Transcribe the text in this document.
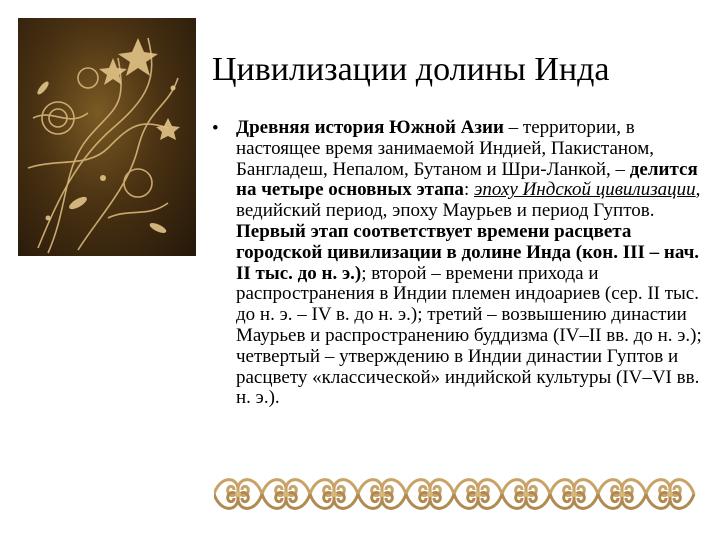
Цивилизации долины Инда
• Древняя история Южной Азии – территории, в настоящее время занимаемой Индией, Пакистаном, Бангладеш, Непалом, Бутаном и Шри-Ланкой, – делится на четыре основных этапа: эпоху Индской цивилизации, ведийский период, эпоху Маурьев и период Гуптов. Первый этап соответствует времени расцвета городской цивилизации в долине Инда (кон. III – нач. II тыс. до н. э.); второй – времени прихода и распространения в Индии племен индоариев (сер. II тыс. до н. э. – IV в. до н. э.); третий – возвышению династии Маурьев и распространению буддизма (IV–II вв. до н. э.); четвертый – утверждению в Индии династии Гуптов и расцвету «классической» индийской культуры (IV–VI вв. н. э.).
